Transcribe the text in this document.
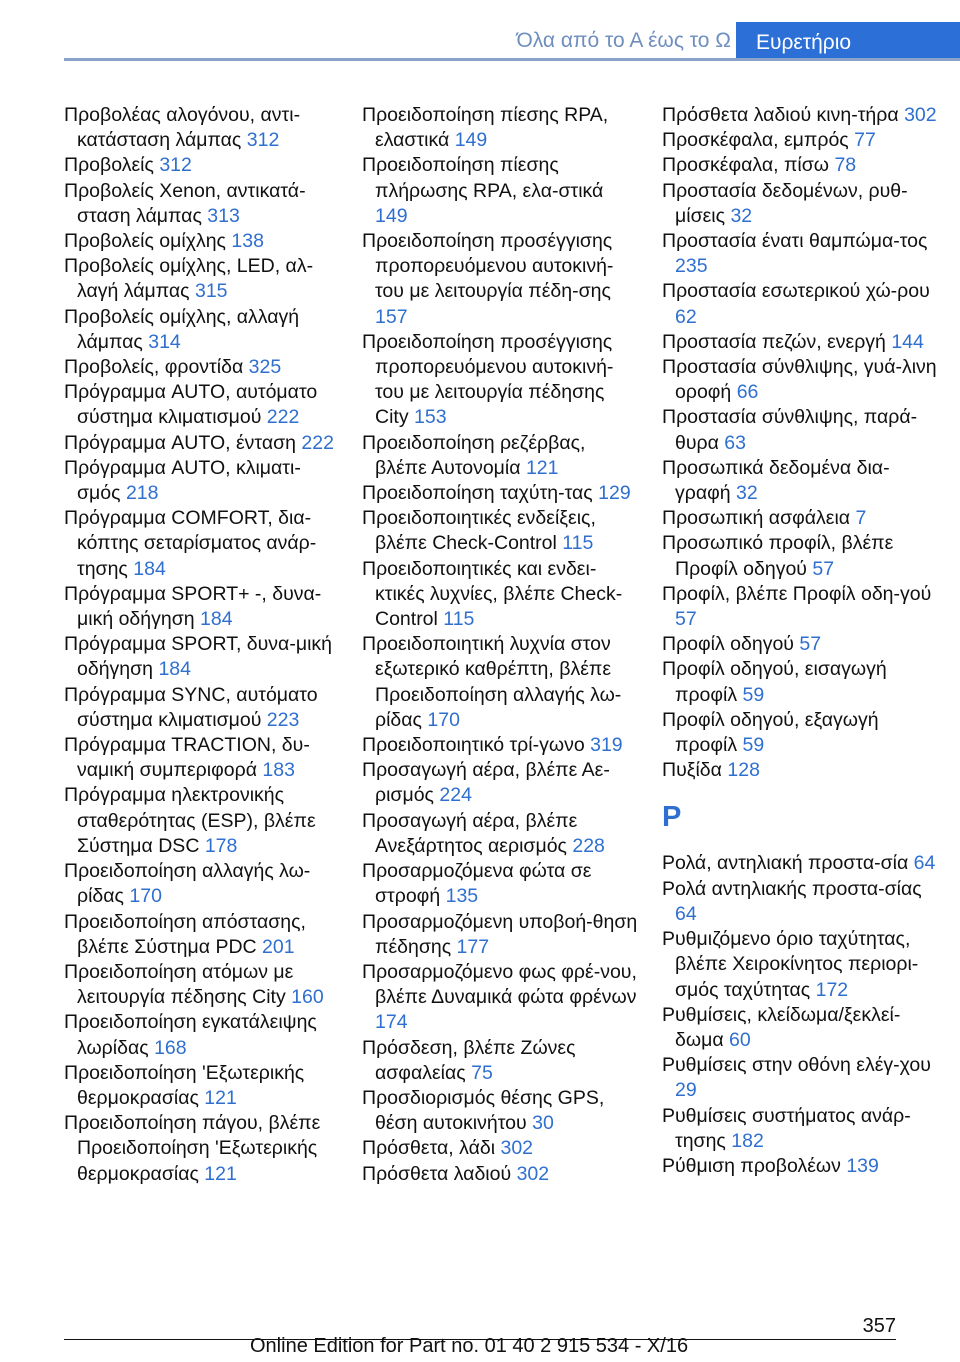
Όλα από το Α έως το Ω	Ευρετήριο
Προβολέας αλογόνου, αντι‐κατάσταση λάμπας 312
Προβολείς 312
Προβολείς Xenon, αντικατά‐σταση λάμπας 313
Προβολείς ομίχλης 138
Προβολείς ομίχλης, LED, αλ‐λαγή λάμπας 315
Προβολείς ομίχλης, αλλαγή λάμπας 314
Προβολείς, φροντίδα 325
Πρόγραμμα AUTO, αυτόματο σύστημα κλιματισμού 222
Πρόγραμμα AUTO, ένταση 222
Πρόγραμμα AUTO, κλιματι‐σμός 218
Πρόγραμμα COMFORT, δια‐κόπτης σεταρίσματος ανάρ‐τησης 184
Πρόγραμμα SPORT+ -, δυνα‐μική οδήγηση 184
Πρόγραμμα SPORT, δυνα‐μική οδήγηση 184
Πρόγραμμα SYNC, αυτόματο σύστημα κλιματισμού 223
Πρόγραμμα TRACTION, δυ‐ναμική συμπεριφορά 183
Πρόγραμμα ηλεκτρονικής σταθερότητας (ESP), βλέπε Σύστημα DSC 178
Προειδοποίηση αλλαγής λω‐ρίδας 170
Προειδοποίηση απόστασης, βλέπε Σύστημα PDC 201
Προειδοποίηση ατόμων με λειτουργία πέδησης City 160
Προειδοποίηση εγκατάλειψης λωρίδας 168
Προειδοποίηση 'Εξωτερικής θερμοκρασίας 121
Προειδοποίηση πάγου, βλέπε Προειδοποίηση 'Εξωτερικής θερμοκρασίας 121
Προειδοποίηση πίεσης RPA, ελαστικά 149
Προειδοποίηση πίεσης πλήρωσης RPA, ελα‐στικά 149
Προειδοποίηση προσέγγισης προπορευόμενου αυτοκινή‐του με λειτουργία πέδη‐σης 157
Προειδοποίηση προσέγγισης προπορευόμενου αυτοκινή‐του με λειτουργία πέδησης City 153
Προειδοποίηση ρεζέρβας, βλέπε Αυτονομία 121
Προειδοποίηση ταχύτη‐τας 129
Προειδοποιητικές ενδείξεις, βλέπε Check-Control 115
Προειδοποιητικές και ενδει‐κτικές λυχνίες, βλέπε Check-Control 115
Προειδοποιητική λυχνία στον εξωτερικό καθρέπτη, βλέπε Προειδοποίηση αλλαγής λω‐ρίδας 170
Προειδοποιητικό τρί‐γωνο 319
Προσαγωγή αέρα, βλέπε Αε‐ρισμός 224
Προσαγωγή αέρα, βλέπε Ανεξάρτητος αερισμός 228
Προσαρμοζόμενα φώτα σε στροφή 135
Προσαρμοζόμενη υποβοή‐θηση πέδησης 177
Προσαρμοζόμενο φως φρέ‐νου, βλέπε Δυναμικά φώτα φρένων 174
Πρόσδεση, βλέπε Ζώνες ασφαλείας 75
Προσδιορισμός θέσης GPS, θέση αυτοκινήτου 30
Πρόσθετα, λάδι 302
Πρόσθετα λαδιού 302
Πρόσθετα λαδιού κινη‐τήρα 302
Προσκέφαλα, εμπρός 77
Προσκέφαλα, πίσω 78
Προστασία δεδομένων, ρυθ‐μίσεις 32
Προστασία ένατι θαμπώμα‐τος 235
Προστασία εσωτερικού χώ‐ρου 62
Προστασία πεζών, ενεργή 144
Προστασία σύνθλιψης, γυά‐λινη οροφή 66
Προστασία σύνθλιψης, παρά‐θυρα 63
Προσωπικά δεδομένα δια‐γραφή 32
Προσωπική ασφάλεια 7
Προσωπικό προφίλ, βλέπε Προφίλ οδηγού 57
Προφίλ, βλέπε Προφίλ οδη‐γού 57
Προφίλ οδηγού 57
Προφίλ οδηγού, εισαγωγή προφίλ 59
Προφίλ οδηγού, εξαγωγή προφίλ 59
Πυξίδα 128
Ρ
Ρολά, αντηλιακή προστα‐σία 64
Ρολά αντηλιακής προστα‐σίας 64
Ρυθμιζόμενο όριο ταχύτητας, βλέπε Χειροκίνητος περιορι‐σμός ταχύτητας 172
Ρυθμίσεις, κλείδωμα/ξεκλεί‐δωμα 60
Ρυθμίσεις στην οθόνη ελέγ‐χου 29
Ρυθμίσεις συστήματος ανάρ‐τησης 182
Ρύθμιση προβολέων 139
357
Online Edition for Part no. 01 40 2 915 534 - X/16
